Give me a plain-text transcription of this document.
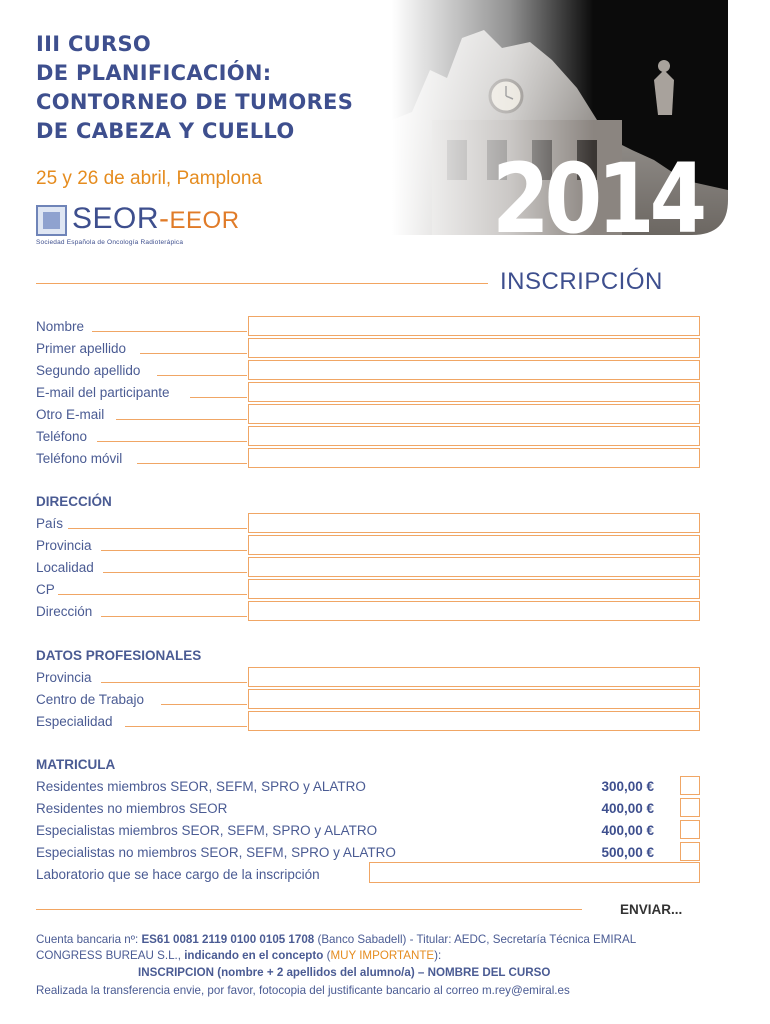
III CURSO
DE PLANIFICACIÓN:
CONTORNEO DE TUMORES
DE CABEZA Y CUELLO
25 y 26 de abril, Pamplona
SEOR-EEOR
Sociedad Española de Oncología Radioterápica	2014
INSCRIPCIÓN
Nombre
Primer apellido
Segundo apellido
E-mail del participante
Otro E-mail
Teléfono
Teléfono móvil
DIRECCIÓN
País
Provincia
Localidad
CP
Dirección
DATOS PROFESIONALES
Provincia
Centro de Trabajo
Especialidad
MATRICULA
Residentes miembros SEOR, SEFM, SPRO y ALATRO	300,00 €
Residentes no miembros SEOR	400,00 €
Especialistas miembros SEOR, SEFM, SPRO y ALATRO	400,00 €
Especialistas no miembros SEOR, SEFM, SPRO y ALATRO	500,00 €
Laboratorio que se hace cargo de la inscripción
ENVIAR...
Cuenta bancaria nº: ES61 0081 2119 0100 0105 1708 (Banco Sabadell) - Titular: AEDC, Secretaría Técnica EMIRAL
CONGRESS BUREAU S.L., indicando en el concepto (MUY IMPORTANTE):
INSCRIPCION (nombre + 2 apellidos del alumno/a) – NOMBRE DEL CURSO
Realizada la transferencia envie, por favor, fotocopia del justificante bancario al correo m.rey@emiral.es
